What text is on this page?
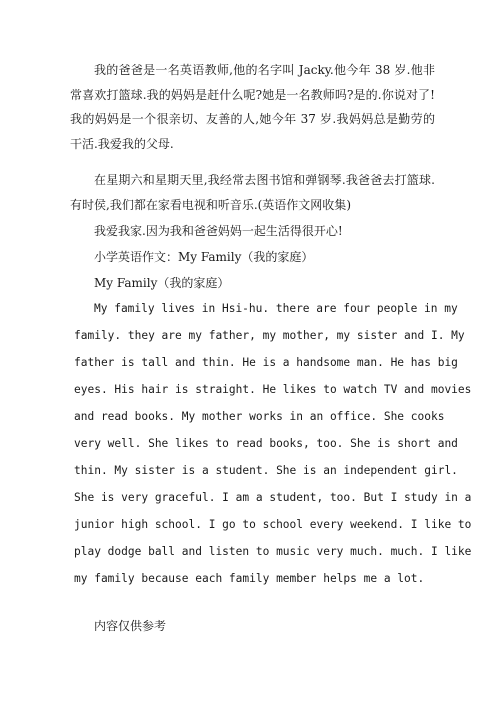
我的爸爸是一名英语教师,他的名字叫 Jacky.他今年 38 岁.他非常喜欢打篮球.我的妈妈是赶什么呢?她是一名教师吗?是的.你说对了!我的妈妈是一个很亲切、友善的人,她今年 37 岁.我妈妈总是勤劳的干活.我爱我的父母.

在星期六和星期天里,我经常去图书馆和弹钢琴.我爸爸去打篮球.有时侯,我们都在家看电视和听音乐.(英语作文网收集)

我爱我家.因为我和爸爸妈妈一起生活得很开心!

小学英语作文：My Family（我的家庭）

My Family（我的家庭）

My family lives in Hsi-hu. there are four people in my

family. they are my father, my mother, my sister and I. My

father is tall and thin. He is a handsome man. He has big

eyes. His hair is straight. He likes to watch TV and movies

and read books. My mother works in an office. She cooks

very well. She likes to read books, too. She is short and

thin. My sister is a student. She is an independent girl.

She is very graceful. I am a student, too. But I study in a

junior high school. I go to school every weekend. I like to

play dodge ball and listen to music very much. much. I like

my family because each family member helps me a lot.

内容仅供参考
